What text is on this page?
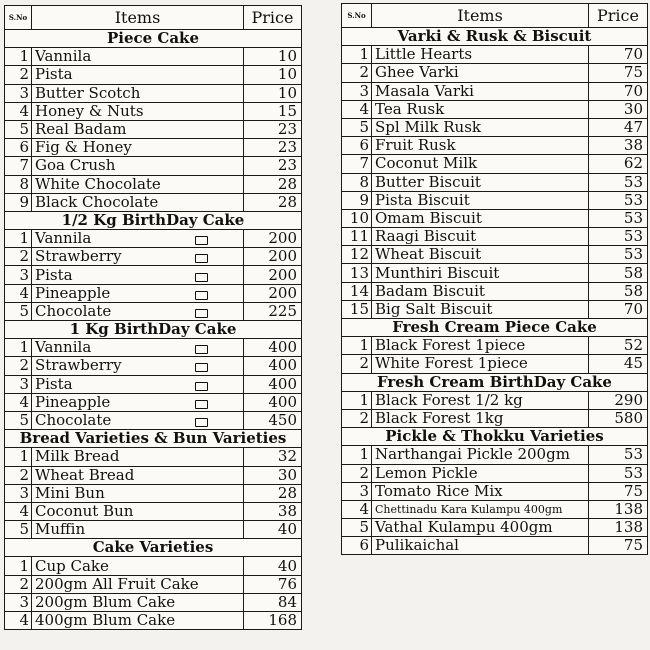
S.No	Items	Price
Piece Cake		
1	Vannila	10
2	Pista	10
3	Butter Scotch	10
4	Honey & Nuts	15
5	Real Badam	23
6	Fig & Honey	23
7	Goa Crush	23
8	White Chocolate	28
9	Black Chocolate	28
1/2 Kg BirthDay Cake		
1	Vannila	200
2	Strawberry	200
3	Pista	200
4	Pineapple	200
5	Chocolate	225
1 Kg BirthDay Cake		
1	Vannila	400
2	Strawberry	400
3	Pista	400
4	Pineapple	400
5	Chocolate	450
Bread Varieties & Bun Varieties		
1	Milk Bread	32
2	Wheat Bread	30
3	Mini Bun	28
4	Coconut Bun	38
5	Muffin	40
Cake Varieties		
1	Cup Cake	40
2	200gm All Fruit Cake	76
3	200gm Blum Cake	84
4	400gm Blum Cake	168
S.No	Items	Price
Varki & Rusk & Biscuit		
1	Little Hearts	70
2	Ghee Varki	75
3	Masala Varki	70
4	Tea Rusk	30
5	Spl Milk Rusk	47
6	Fruit Rusk	38
7	Coconut Milk	62
8	Butter Biscuit	53
9	Pista Biscuit	53
10	Omam Biscuit	53
11	Raagi Biscuit	53
12	Wheat Biscuit	53
13	Munthiri Biscuit	58
14	Badam Biscuit	58
15	Big Salt Biscuit	70
Fresh Cream Piece Cake		
1	Black Forest 1piece	52
2	White Forest 1piece	45
Fresh Cream BirthDay Cake		
1	Black Forest 1/2 kg	290
2	Black Forest 1kg	580
Pickle & Thokku Varieties		
1	Narthangai Pickle 200gm	53
2	Lemon Pickle	53
3	Tomato Rice Mix	75
4	Chettinadu Kara Kulampu 400gm	138
5	Vathal Kulampu 400gm	138
6	Pulikaichal	75
